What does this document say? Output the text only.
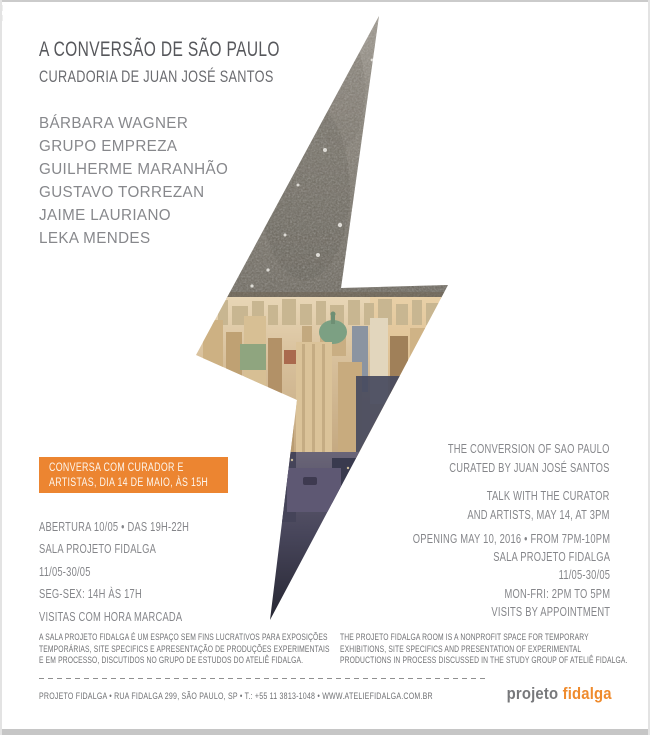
A CONVERSÃO DE SÃO PAULO
CURADORIA DE JUAN JOSÉ SANTOS
BÁRBARA WAGNER
GRUPO EMPREZA
GUILHERME MARANHÃO
GUSTAVO TORREZAN
JAIME LAURIANO
LEKA MENDES
CONVERSA COM CURADOR E
ARTISTAS, DIA 14 DE MAIO, ÀS 15H
ABERTURA 10/05 • DAS 19H-22H
SALA PROJETO FIDALGA
11/05-30/05
SEG-SEX: 14H ÀS 17H
VISITAS COM HORA MARCADA
THE CONVERSION OF SAO PAULO
CURATED BY JUAN JOSÉ SANTOS
TALK WITH THE CURATOR
AND ARTISTS, MAY 14, AT 3PM
OPENING MAY 10, 2016 • FROM 7PM-10PM
SALA PROJETO FIDALGA
11/05-30/05
MON-FRI: 2PM TO 5PM
VISITS BY APPOINTMENT
A SALA PROJETO FIDALGA É UM ESPAÇO SEM FINS LUCRATIVOS PARA EXPOSIÇÕES TEMPORÁRIAS, SITE SPECIFICS E APRESENTAÇÃO DE PRODUÇÕES EXPERIMENTAIS E EM PROCESSO, DISCUTIDOS NO GRUPO DE ESTUDOS DO ATELIÊ FIDALGA.
THE PROJETO FIDALGA ROOM IS A NONPROFIT SPACE FOR TEMPORARY EXHIBITIONS, SITE SPECIFICS AND PRESENTATION OF EXPERIMENTAL PRODUCTIONS IN PROCESS DISCUSSED IN THE STUDY GROUP OF ATELIÊ FIDALGA.
PROJETO FIDALGA • RUA FIDALGA 299, SÃO PAULO, SP • T.: +55 11 3813-1048 • WWW.ATELIEFIDALGA.COM.BR	projeto fidalga
